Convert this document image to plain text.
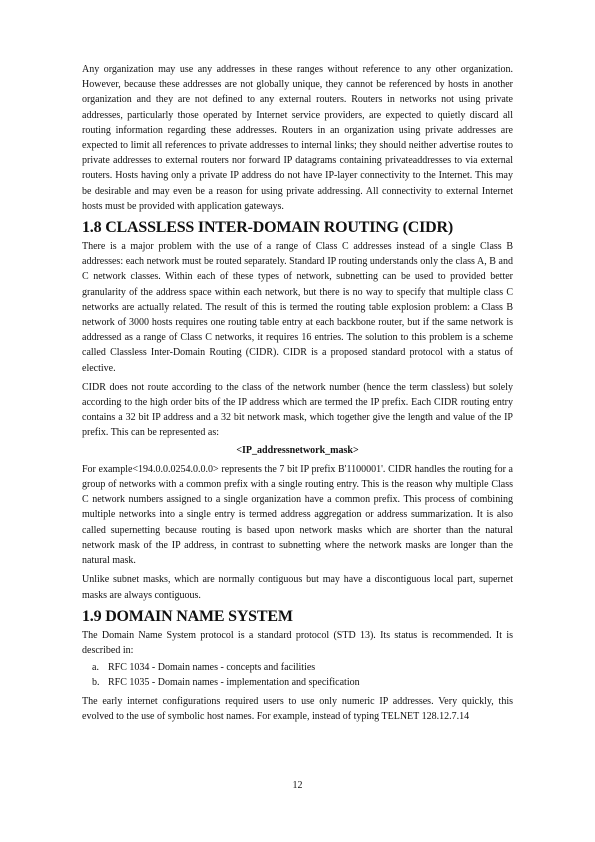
Any organization may use any addresses in these ranges without reference to any other organization. However, because these addresses are not globally unique, they cannot be referenced by hosts in another organization and they are not defined to any external routers. Routers in networks not using private addresses, particularly those operated by Internet service providers, are expected to quietly discard all routing information regarding these addresses. Routers in an organization using private addresses are expected to limit all references to private addresses to internal links; they should neither advertise routes to private addresses to external routers nor forward IP datagrams containing privateaddresses to via external routers. Hosts having only a private IP address do not have IP-layer connectivity to the Internet. This may be desirable and may even be a reason for using private addressing. All connectivity to external Internet hosts must be provided with application gateways.

1.8 CLASSLESS INTER-DOMAIN ROUTING (CIDR)

There is a major problem with the use of a range of Class C addresses instead of a single Class B addresses: each network must be routed separately. Standard IP routing understands only the class A, B and C network classes. Within each of these types of network, subnetting can be used to provided better granularity of the address space within each network, but there is no way to specify that multiple class C networks are actually related. The result of this is termed the routing table explosion problem: a Class B network of 3000 hosts requires one routing table entry at each backbone router, but if the same network is addressed as a range of Class C networks, it requires 16 entries. The solution to this problem is a scheme called Classless Inter-Domain Routing (CIDR). CIDR is a proposed standard protocol with a status of elective.

CIDR does not route according to the class of the network number (hence the term classless) but solely according to the high order bits of the IP address which are termed the IP prefix. Each CIDR routing entry contains a 32 bit IP address and a 32 bit network mask, which together give the length and value of the IP prefix. This can be represented as:

<IP_addressnetwork_mask>

For example<194.0.0.0254.0.0.0> represents the 7 bit IP prefix B'1100001'. CIDR handles the routing for a group of networks with a common prefix with a single routing entry. This is the reason why multiple Class C network numbers assigned to a single organization have a common prefix. This process of combining multiple networks into a single entry is termed address aggregation or address summarization. It is also called supernetting because routing is based upon network masks which are shorter than the natural network mask of the IP address, in contrast to subnetting where the network masks are longer than the natural mask.

Unlike subnet masks, which are normally contiguous but may have a discontiguous local part, supernet masks are always contiguous.

1.9 DOMAIN NAME SYSTEM

The Domain Name System protocol is a standard protocol (STD 13). Its status is recommended. It is described in:

a. RFC 1034 - Domain names - concepts and facilities
b. RFC 1035 - Domain names - implementation and specification

The early internet configurations required users to use only numeric IP addresses. Very quickly, this evolved to the use of symbolic host names. For example, instead of typing TELNET 128.12.7.14

12
